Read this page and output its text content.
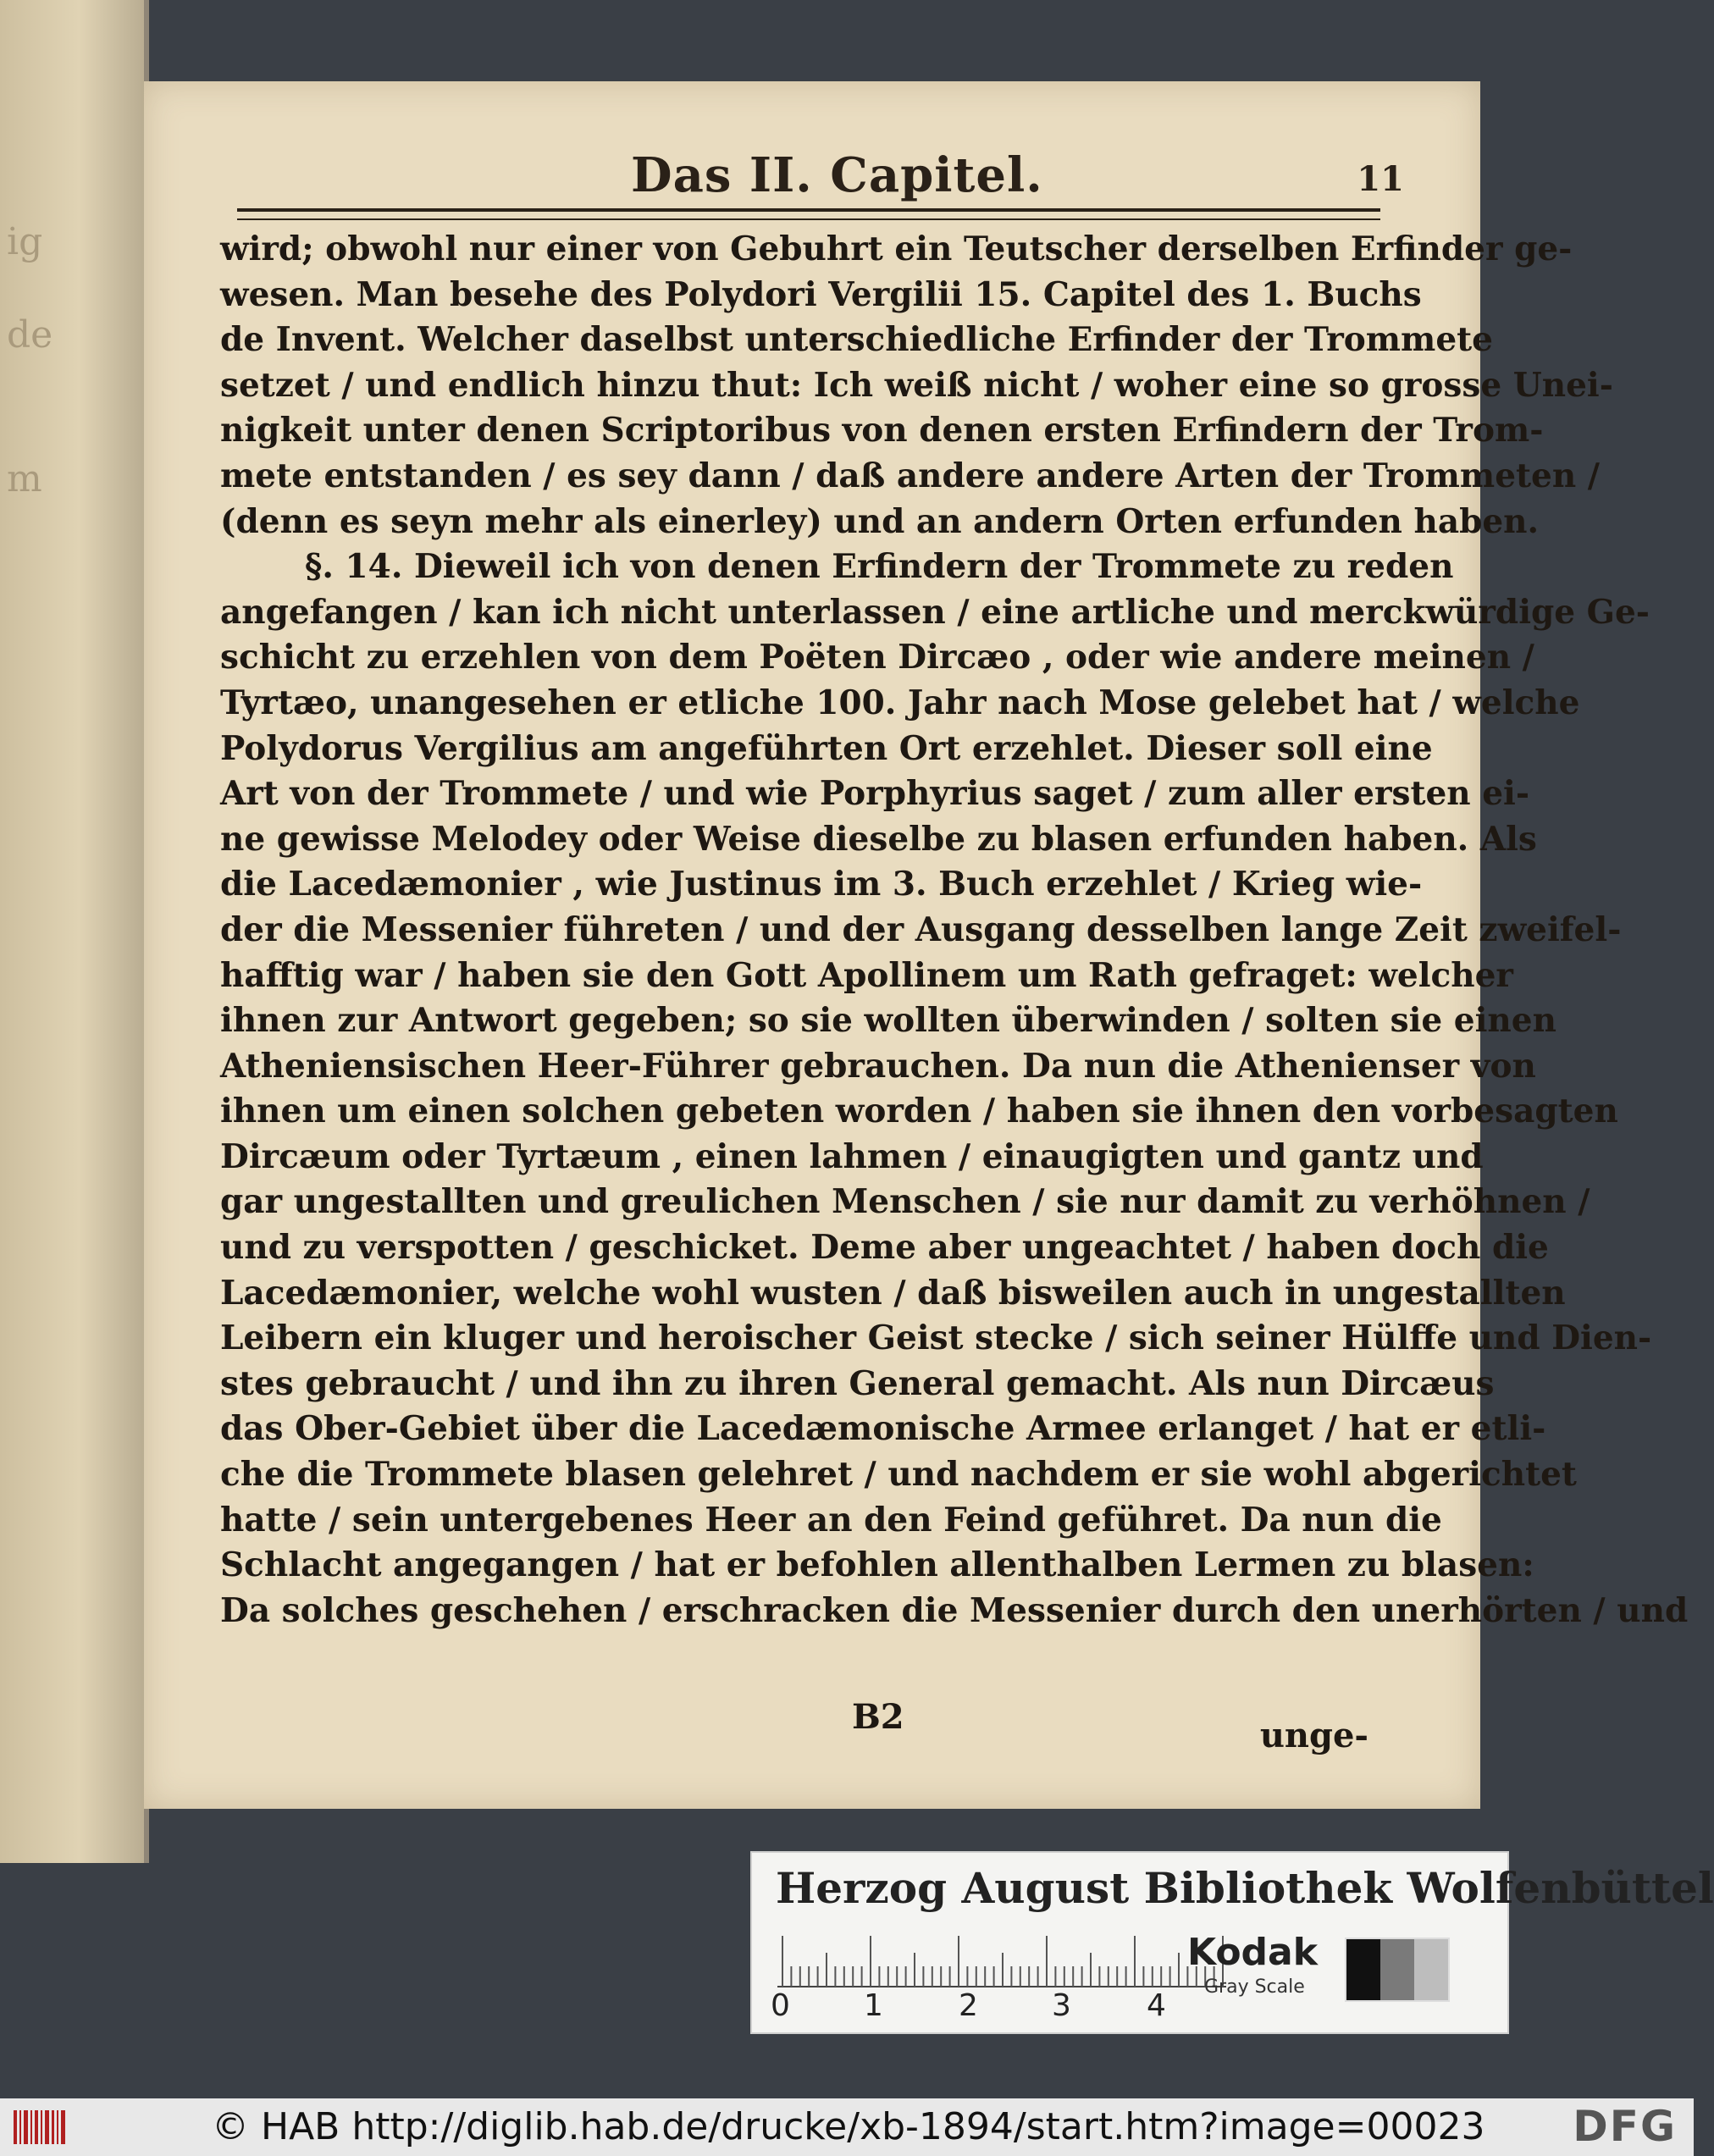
ig
de
m
Das II. Capitel.	11
wird; obwohl nur einer von Gebuhrt ein Teutscher derselben Erfinder ge-
wesen. Man besehe des Polydori Vergilii 15. Capitel des 1. Buchs
de Invent. Welcher daselbst unterschiedliche Erfinder der Trommete
setzet / und endlich hinzu thut: Ich weiß nicht / woher eine so grosse Unei-
nigkeit unter denen Scriptoribus von denen ersten Erfindern der Trom-
mete entstanden / es sey dann / daß andere andere Arten der Trommeten /
(denn es seyn mehr als einerley) und an andern Orten erfunden haben.
§. 14. Dieweil ich von denen Erfindern der Trommete zu reden
angefangen / kan ich nicht unterlassen / eine artliche und merckwürdige Ge-
schicht zu erzehlen von dem Poëten Dircæo , oder wie andere meinen /
Tyrtæo, unangesehen er etliche 100. Jahr nach Mose gelebet hat / welche
Polydorus Vergilius am angeführten Ort erzehlet. Dieser soll eine
Art von der Trommete / und wie Porphyrius saget / zum aller ersten ei-
ne gewisse Melodey oder Weise dieselbe zu blasen erfunden haben. Als
die Lacedæmonier , wie Justinus im 3. Buch erzehlet / Krieg wie-
der die Messenier führeten / und der Ausgang desselben lange Zeit zweifel-
hafftig war / haben sie den Gott Apollinem um Rath gefraget: welcher
ihnen zur Antwort gegeben; so sie wollten überwinden / solten sie einen
Atheniensischen Heer-Führer gebrauchen. Da nun die Athenienser von
ihnen um einen solchen gebeten worden / haben sie ihnen den vorbesagten
Dircæum oder Tyrtæum , einen lahmen / einaugigten und gantz und
gar ungestallten und greulichen Menschen / sie nur damit zu verhöhnen /
und zu verspotten / geschicket. Deme aber ungeachtet / haben doch die
Lacedæmonier, welche wohl wusten / daß bisweilen auch in ungestallten
Leibern ein kluger und heroischer Geist stecke / sich seiner Hülffe und Dien-
stes gebraucht / und ihn zu ihren General gemacht. Als nun Dircæus
das Ober-Gebiet über die Lacedæmonische Armee erlanget / hat er etli-
che die Trommete blasen gelehret / und nachdem er sie wohl abgerichtet
hatte / sein untergebenes Heer an den Feind geführet. Da nun die
Schlacht angegangen / hat er befohlen allenthalben Lermen zu blasen:
Da solches geschehen / erschracken die Messenier durch den unerhörten / und
B2	unge-
Herzog August Bibliothek Wolfenbüttel
0 1 2 3 4
Kodak
Gray Scale
© HAB http://diglib.hab.de/drucke/xb-1894/start.htm?image=00023 DFG
